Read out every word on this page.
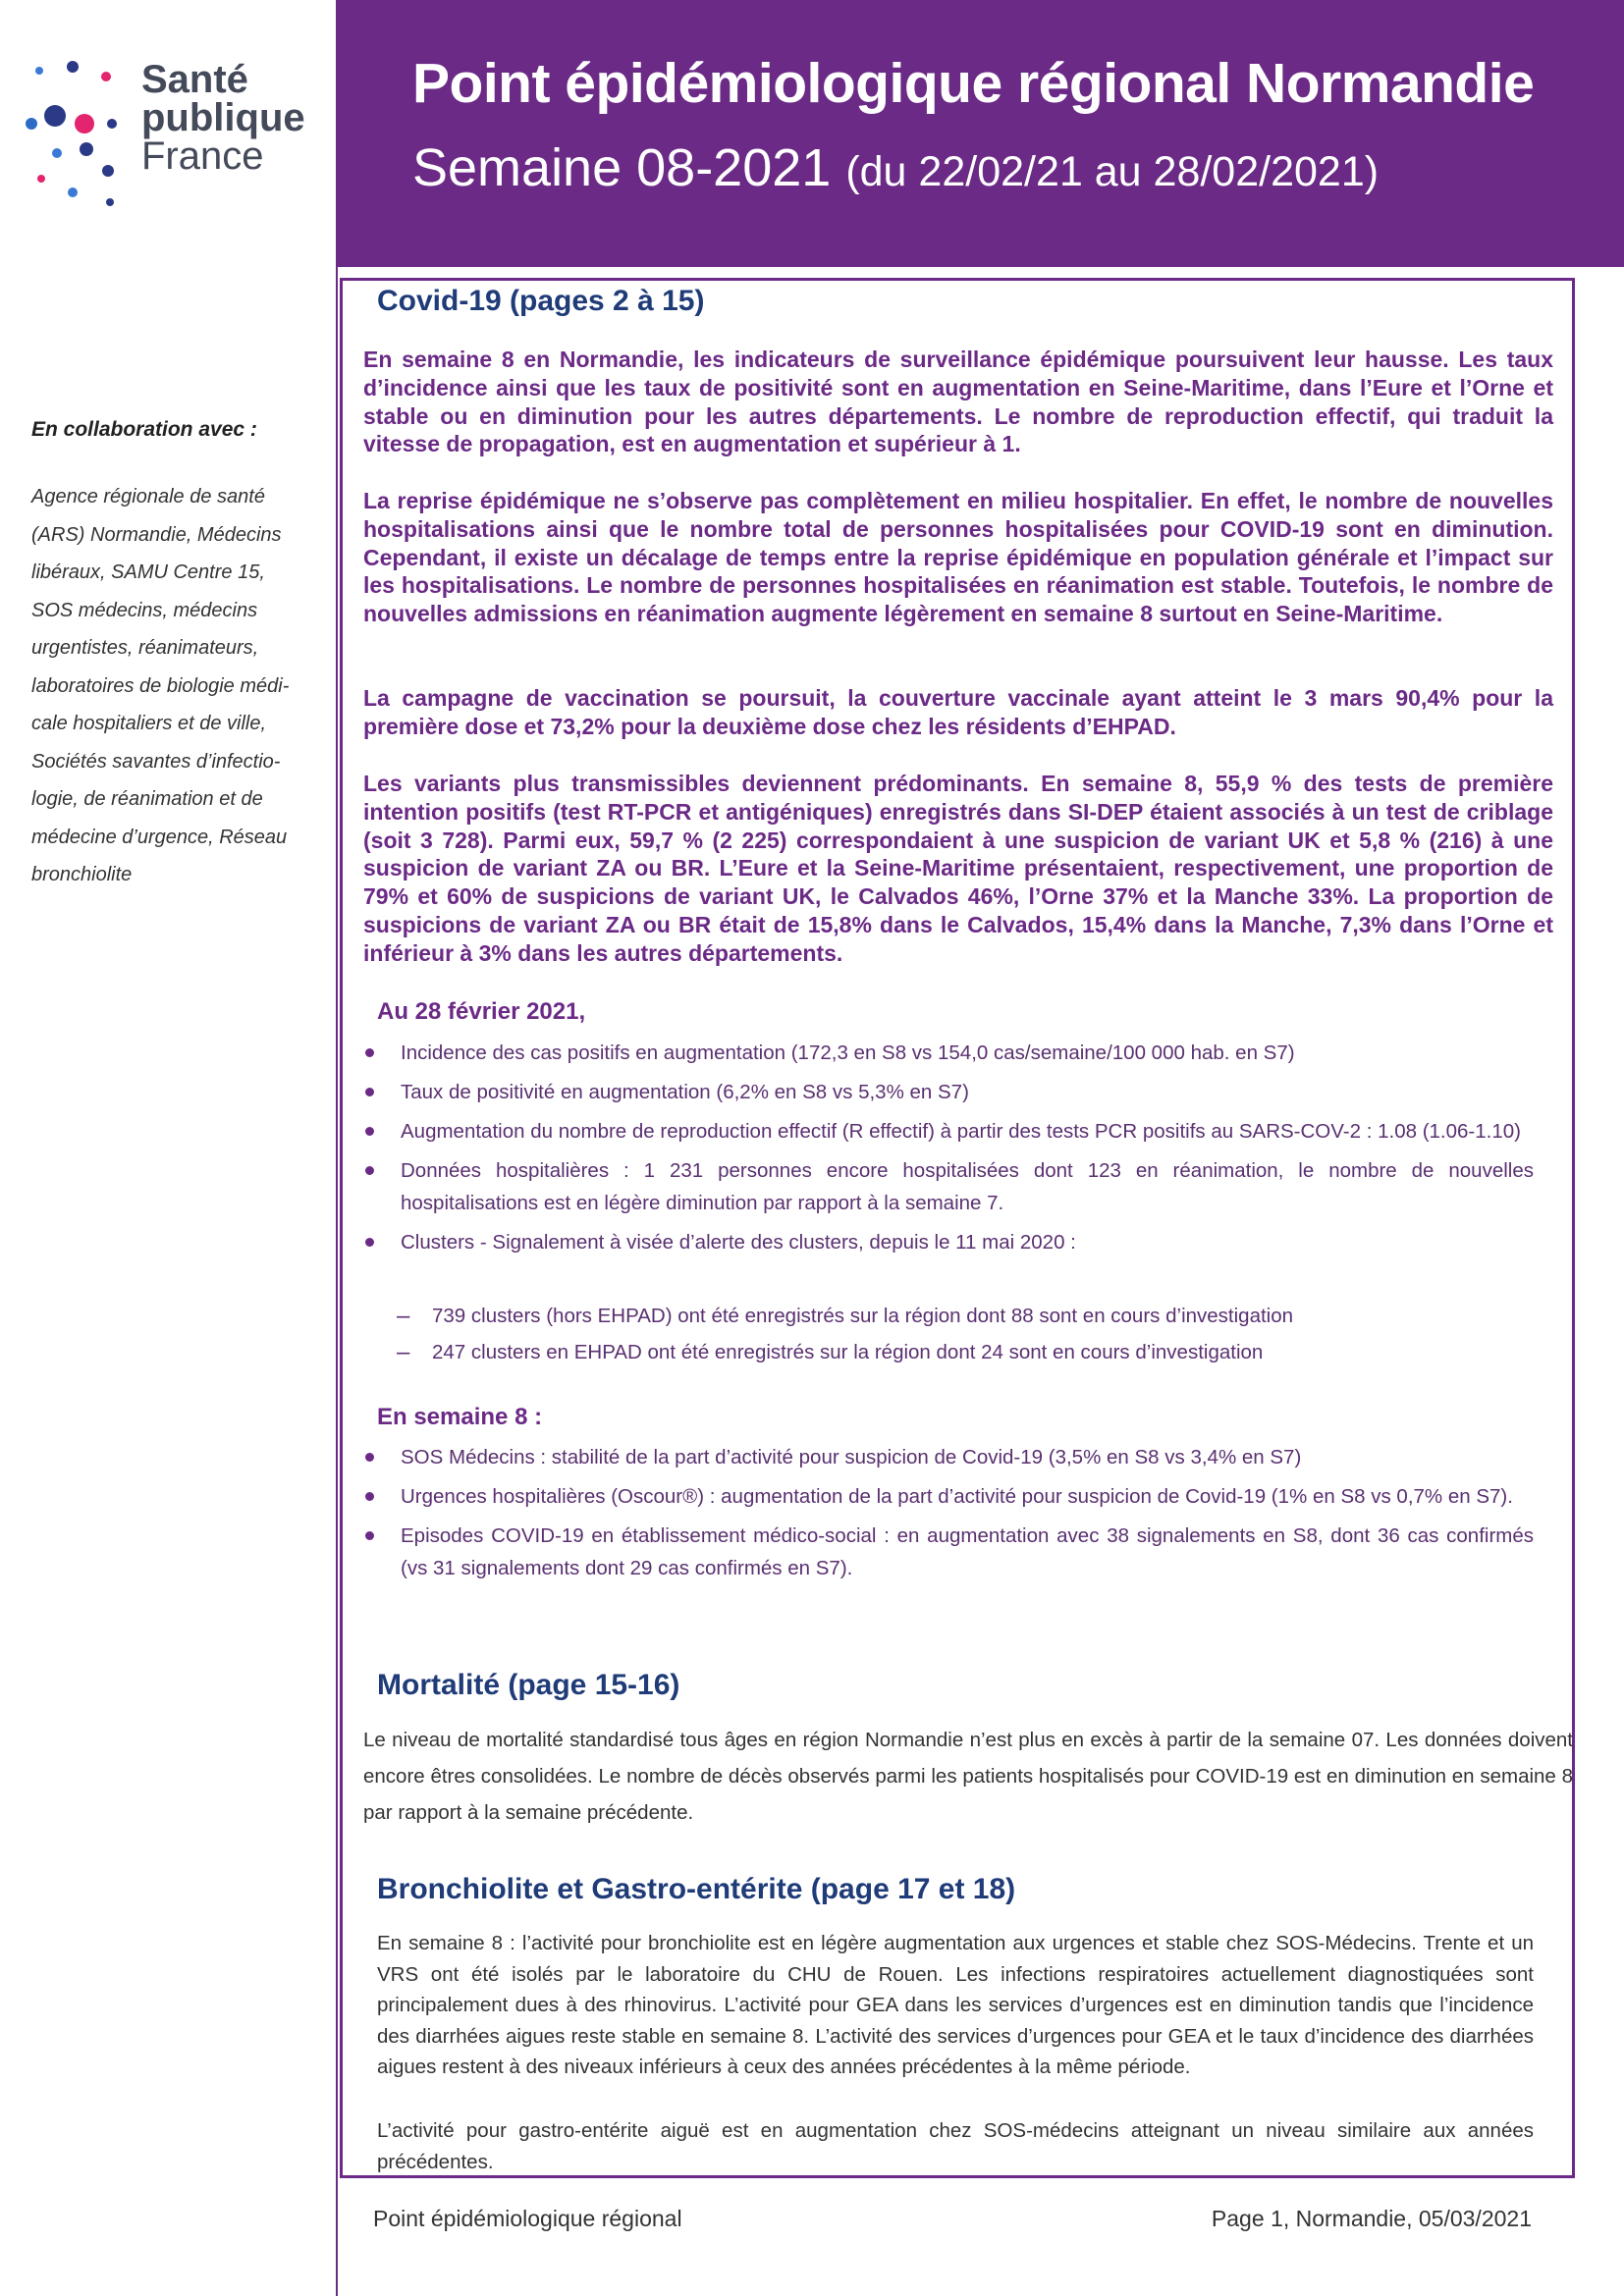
Santé
publique
France
En collaboration avec :
Agence régionale de santé
(ARS) Normandie, Médecins
libéraux, SAMU Centre 15,
SOS médecins, médecins
urgentistes, réanimateurs,
laboratoires de biologie médi-
cale hospitaliers et de ville,
Sociétés savantes d’infectio-
logie, de réanimation et de
médecine d’urgence, Réseau
bronchiolite
Point épidémiologique régional Normandie
Semaine 08-2021 (du 22/02/21 au 28/02/2021)
Covid-19 (pages 2 à 15)
En semaine 8 en Normandie, les indicateurs de surveillance épidémique poursuivent leur hausse. Les taux d’incidence ainsi que les taux de positivité sont en augmentation en Seine-Maritime, dans l’Eure et l’Orne et stable ou en diminution pour les autres départements. Le nombre de reproduction effectif, qui traduit la vitesse de propagation, est en augmentation et supérieur à 1.
La reprise épidémique ne s’observe pas complètement en milieu hospitalier. En effet, le nombre de nouvelles hospitalisations ainsi que le nombre total de personnes hospitalisées pour COVID-19 sont en diminution. Cependant, il existe un décalage de temps entre la reprise épidémique en population générale et l’impact sur les hospitalisations. Le nombre de personnes hospitalisées en réanimation est stable. Toutefois, le nombre de nouvelles admissions en réanimation augmente légèrement en semaine 8 surtout en Seine-Maritime.
La campagne de vaccination se poursuit, la couverture vaccinale ayant atteint le 3 mars 90,4% pour la première dose et 73,2% pour la deuxième dose chez les résidents d’EHPAD.
Les variants plus transmissibles deviennent prédominants. En semaine 8, 55,9 % des tests de première intention positifs (test RT-PCR et antigéniques) enregistrés dans SI-DEP étaient associés à un test de criblage (soit 3 728). Parmi eux, 59,7 % (2 225) correspondaient à une suspicion de variant UK et 5,8 % (216) à une suspicion de variant ZA ou BR. L’Eure et la Seine-Maritime présentaient, respectivement, une proportion de 79% et 60% de suspicions de variant UK, le Calvados 46%, l’Orne 37% et la Manche 33%. La proportion de suspicions de variant ZA ou BR était de 15,8% dans le Calvados, 15,4% dans la Manche, 7,3% dans l’Orne et inférieur à 3% dans les autres départements.
Au 28 février 2021,
Incidence des cas positifs en augmentation (172,3 en S8 vs 154,0 cas/semaine/100 000 hab. en S7)
Taux de positivité en augmentation (6,2% en S8 vs 5,3% en S7)
Augmentation du nombre de reproduction effectif (R effectif) à partir des tests PCR positifs au SARS-COV-2 : 1.08 (1.06-1.10)
Données hospitalières : 1 231 personnes encore hospitalisées dont 123 en réanimation, le nombre de nouvelles hospitalisations est en légère diminution par rapport à la semaine 7.
Clusters - Signalement à visée d’alerte des clusters, depuis le 11 mai 2020 :
– 739 clusters (hors EHPAD) ont été enregistrés sur la région dont 88 sont en cours d’investigation
– 247 clusters en EHPAD ont été enregistrés sur la région dont 24 sont en cours d’investigation
En semaine 8 :
SOS Médecins : stabilité de la part d’activité pour suspicion de Covid-19 (3,5% en S8 vs 3,4% en S7)
Urgences hospitalières (Oscour®) : augmentation de la part d’activité pour suspicion de Covid-19 (1% en S8 vs 0,7% en S7).
Episodes COVID-19 en établissement médico-social : en augmentation avec 38 signalements en S8, dont 36 cas confirmés (vs 31 signalements dont 29 cas confirmés en S7).
Mortalité (page 15-16)
Le niveau de mortalité standardisé tous âges en région Normandie n’est plus en excès à partir de la semaine 07. Les données doivent encore êtres consolidées. Le nombre de décès observés parmi les patients hospitalisés pour COVID-19 est en diminution en semaine 8 par rapport à la semaine précédente.
Bronchiolite et Gastro-entérite (page 17 et 18)
En semaine 8 : l’activité pour bronchiolite est en légère augmentation aux urgences et stable chez SOS-Médecins. Trente et un VRS ont été isolés par le laboratoire du CHU de Rouen. Les infections respiratoires actuellement diagnostiquées sont principalement dues à des rhinovirus. L’activité pour GEA dans les services d’urgences est en diminution tandis que l’incidence des diarrhées aigues reste stable en semaine 8. L’activité des services d’urgences pour GEA et le taux d’incidence des diarrhées aigues restent à des niveaux inférieurs à ceux des années précédentes à la même période.
L’activité pour gastro-entérite aiguë est en augmentation chez SOS-médecins atteignant un niveau similaire aux années précédentes.
Point épidémiologique régional	Page 1, Normandie, 05/03/2021
